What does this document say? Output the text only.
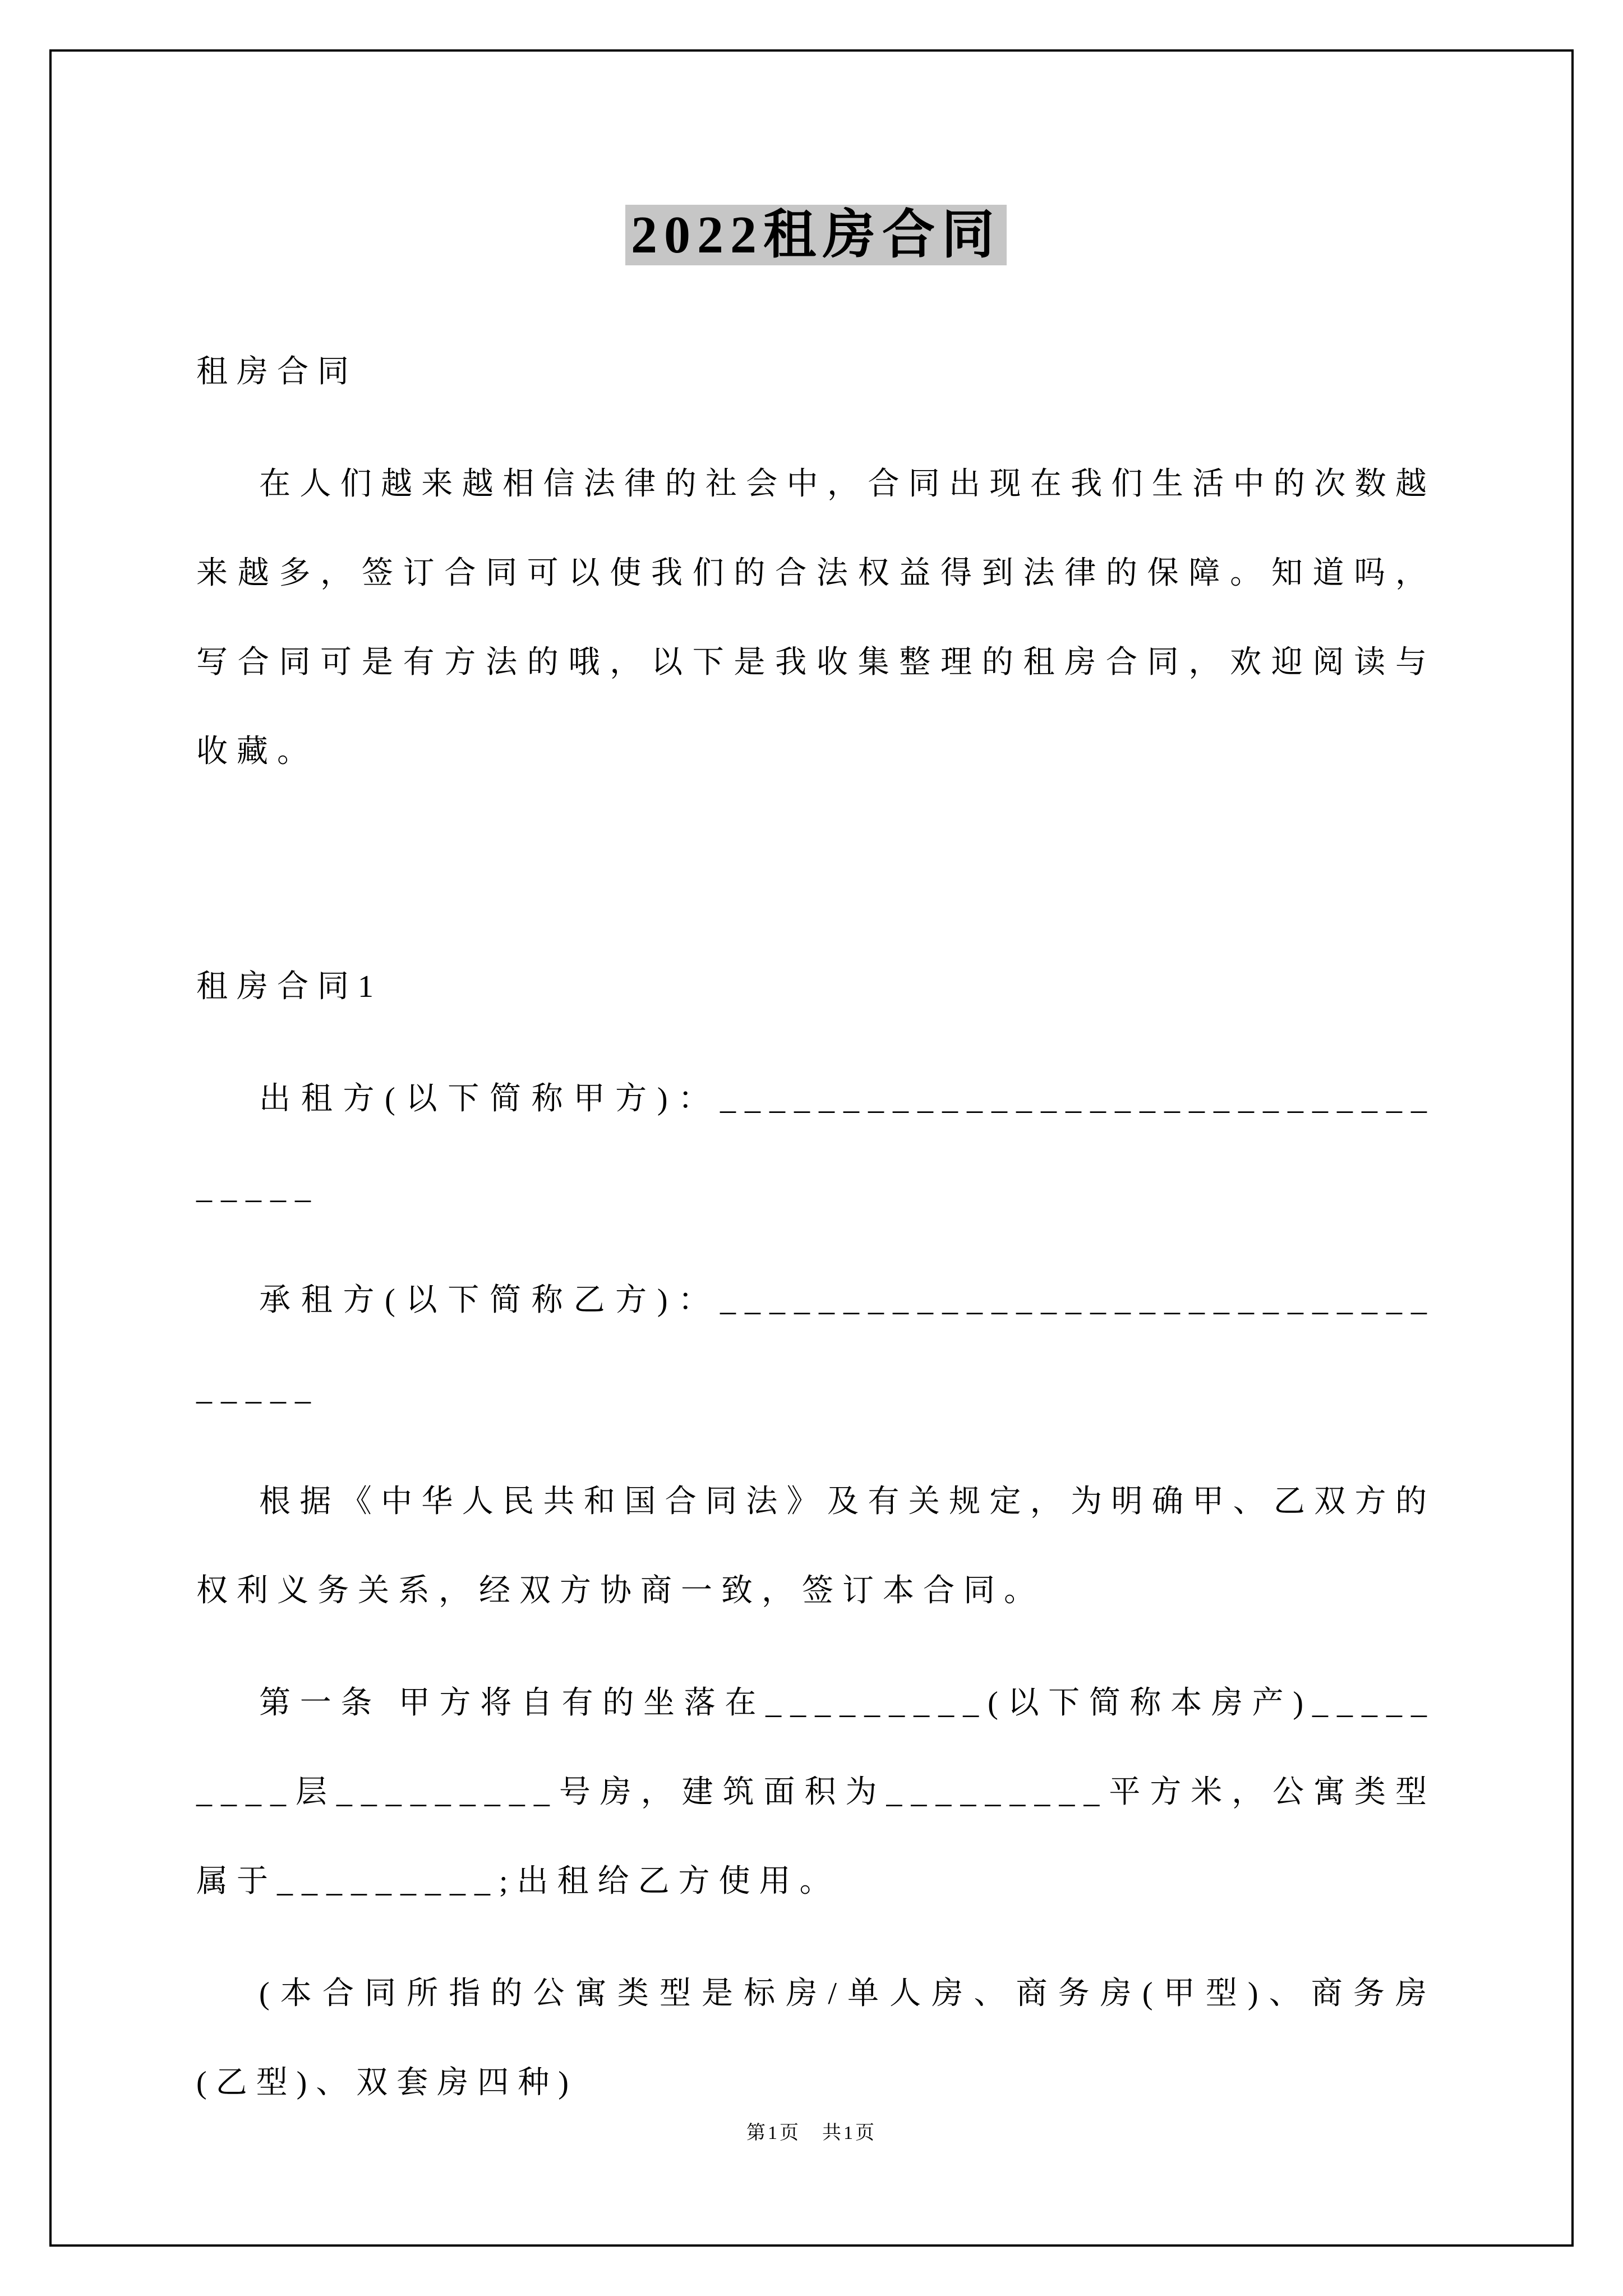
2022租房合同

租房合同

在人们越来越相信法律的社会中，合同出现在我们生活中的次数越来越多，签订合同可以使我们的合法权益得到法律的保障。知道吗，写合同可是有方法的哦，以下是我收集整理的租房合同，欢迎阅读与收藏。

租房合同1

出租方(以下简称甲方)：__________________________________

承租方(以下简称乙方)：__________________________________

根据《中华人民共和国合同法》及有关规定，为明确甲、乙双方的权利义务关系，经双方协商一致，签订本合同。

第一条 甲方将自有的坐落在_________(以下简称本房产)_________层_________号房，建筑面积为_________平方米，公寓类型属于_________;出租给乙方使用。

(本合同所指的公寓类型是标房/单人房、商务房(甲型)、商务房(乙型)、双套房四种)

第1页　共1页
